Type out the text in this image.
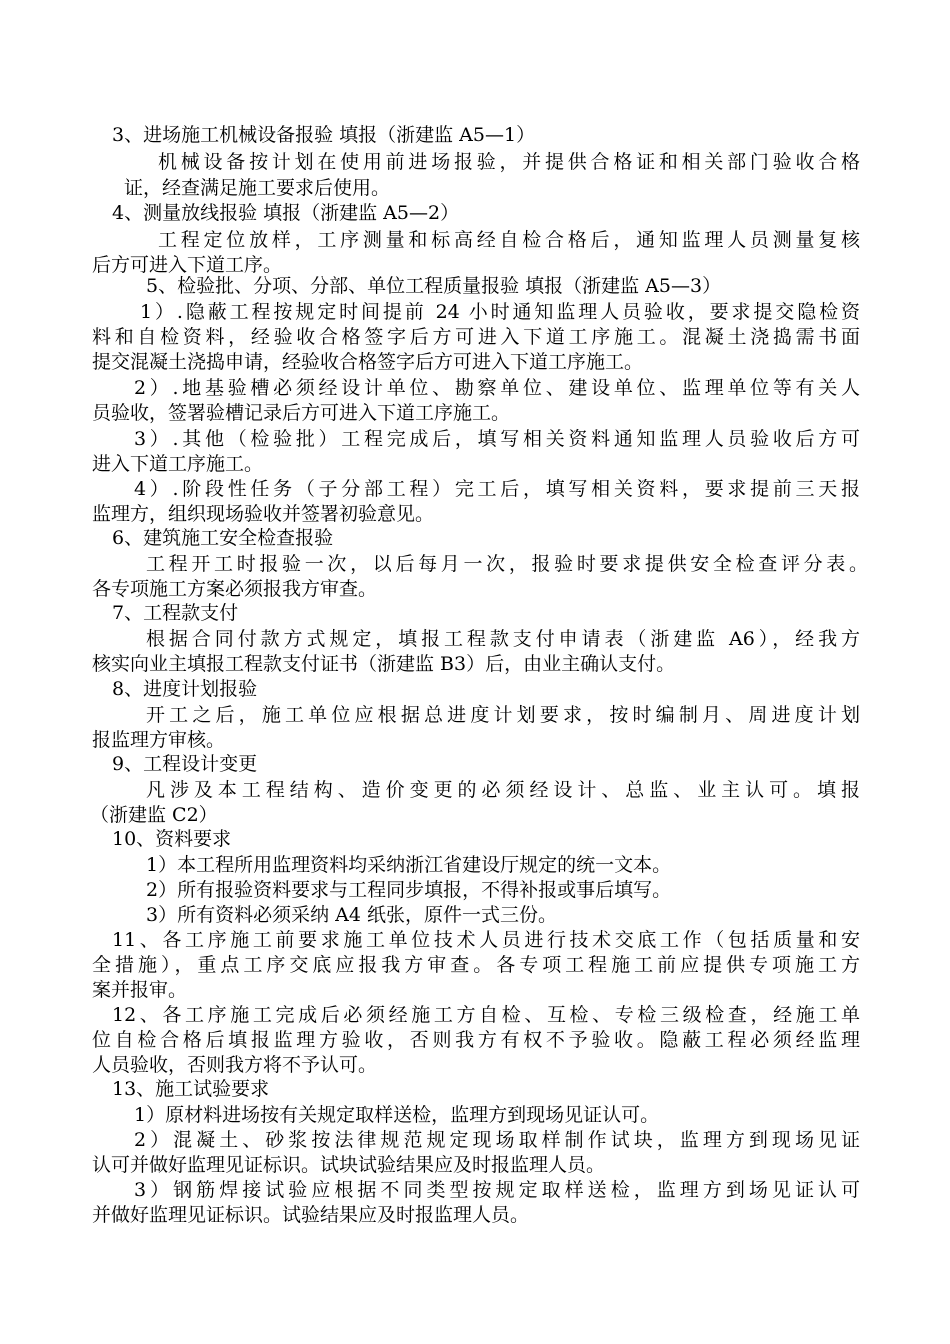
3、进场施工机械设备报验 填报（浙建监 A5—1）
机械设备按计划在使用前进场报验，并提供合格证和相关部门验收合格
证，经查满足施工要求后使用。
4、测量放线报验 填报（浙建监 A5—2）
工程定位放样，工序测量和标高经自检合格后，通知监理人员测量复核
后方可进入下道工序。
5、检验批、分项、分部、单位工程质量报验 填报（浙建监 A5—3）
1）.隐蔽工程按规定时间提前 24 小时通知监理人员验收，要求提交隐检资
料和自检资料，经验收合格签字后方可进入下道工序施工。混凝土浇捣需书面
提交混凝土浇捣申请，经验收合格签字后方可进入下道工序施工。
2）.地基验槽必须经设计单位、勘察单位、建设单位、监理单位等有关人
员验收，签署验槽记录后方可进入下道工序施工。
3）.其他（检验批）工程完成后，填写相关资料通知监理人员验收后方可
进入下道工序施工。
4）.阶段性任务（子分部工程）完工后，填写相关资料，要求提前三天报
监理方，组织现场验收并签署初验意见。
6、建筑施工安全检查报验
工程开工时报验一次，以后每月一次，报验时要求提供安全检查评分表。
各专项施工方案必须报我方审查。
7、工程款支付
根据合同付款方式规定，填报工程款支付申请表（浙建监 A6），经我方
核实向业主填报工程款支付证书（浙建监 B3）后，由业主确认支付。
8、进度计划报验
开工之后，施工单位应根据总进度计划要求，按时编制月、周进度计划
报监理方审核。
9、工程设计变更
凡涉及本工程结构、造价变更的必须经设计、总监、业主认可。填报
（浙建监 C2）
10、资料要求
1）本工程所用监理资料均采纳浙江省建设厅规定的统一文本。
2）所有报验资料要求与工程同步填报，不得补报或事后填写。
3）所有资料必须采纳 A4 纸张，原件一式三份。
11、各工序施工前要求施工单位技术人员进行技术交底工作（包括质量和安
全措施），重点工序交底应报我方审查。各专项工程施工前应提供专项施工方
案并报审。
12、各工序施工完成后必须经施工方自检、互检、专检三级检查，经施工单
位自检合格后填报监理方验收，否则我方有权不予验收。隐蔽工程必须经监理
人员验收，否则我方将不予认可。
13、施工试验要求
1）原材料进场按有关规定取样送检，监理方到现场见证认可。
2）混凝土、砂浆按法律规范规定现场取样制作试块，监理方到现场见证
认可并做好监理见证标识。试块试验结果应及时报监理人员。
3）钢筋焊接试验应根据不同类型按规定取样送检，监理方到场见证认可
并做好监理见证标识。试验结果应及时报监理人员。
